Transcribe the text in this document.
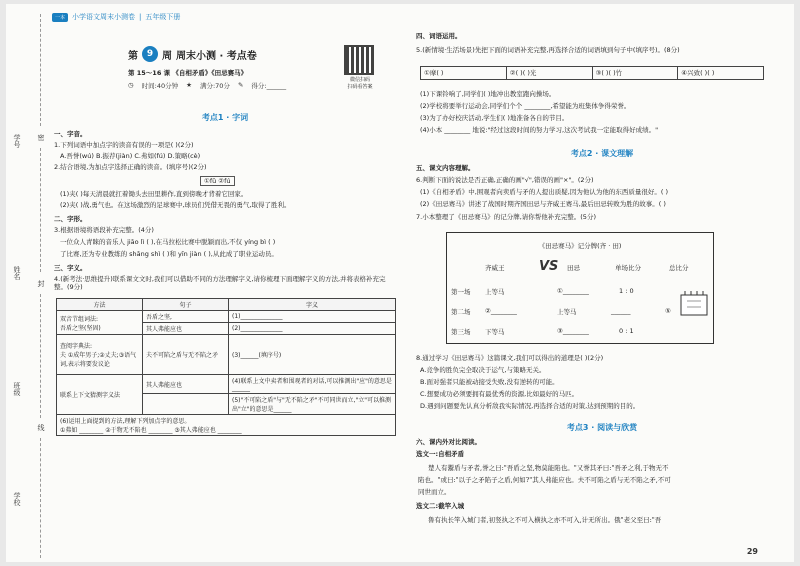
学号
姓名
班级
学校
密
封
线
一本	小学语文周末小测卷 | 五年级下册
第 9 周 周末小测 · 考点卷
第 15～16 课 《自相矛盾》《田忌赛马》
◷ 时间:40分钟 ★ 满分:70分 ✎ 得分:______
微信扫码
扫码看答案
考点1 · 字词
一、字音。
1.下列词语中加点字的读音有误的一项是( )(2分)
A.吾誉(wú) B.振荐(jiàn) C.弗如(fú) D.策略(cè)
2.结合语境,为加点字选择正确的读音。(填序号)(2分)
①fǔ ②fú
(1)夹( )每天清晨就扛着锄头去田里耕作,直到傍晚才背着它回家。
(2)夹( )战,勇气也。在这场激烈的足球赛中,球员们凭借无畏的勇气,取得了胜利。
二、字形。
3.根据语境将语段补充完整。(4分)
一位众人青睐的音乐人 jiāo lì ( ),在马拉松比赛中脱颖而出,不仅 yíng bì ( )
了比赛,还为专业教练的 shāng shì ( )和 yīn jiàn ( ),从此成了职业运动员。
三、字义。
4.(新考法·思维提升)联系课文文时,我们可以借助不同的方法理解字义,请你梳理下面理解字义的方法,并将表格补充完整。(9分)
方法	句子	字义

双音节组词法:
吾盾之坚(坚固)	吾盾之坚,	(1)______________
	其人弗能应也	(2)______________

查阅字典法:
夫 ①成年男子;②丈夫;③语气词,表示将要发议论	夫不可陷之盾与无不陷之矛	(3)______(填序号)
联系上下文猜测字义法	其人弗能应也	(4)联系上文中卖者和围观者的对话,可以推测出"应"的意思是______
		(5)"不可陷之盾"与"无不陷之矛"不可同世而立,"立"可以推测出"立"的意思是______

(6)运用上面提到的方法,理解下列加点字的意思。
①弗如 ________ ②于物无不陷也 ________ ③其人弗能应也 ________		
四、词语运用。
5.(新情境·生活场景)先把下面的词语补充完整,再选择合适的词语填到句子中(填序号)。(8分)
①摩( )	②( )( )光	③( )( )竹	④兴致( )( )
(1)下课铃响了,同学们( )地冲出教室跑向操场。
(2)学校将要举行运动会,同学们个个 ________,希望能为班集体争得荣誉。
(3)为了办好校庆活动,学生们( )地准备各自的节目。
(4)小本 ________ 地说:"经过这段时间的努力学习,这次考试我一定能取得好成绩。"
考点2 · 课文理解
五、课文内容理解。
6.判断下面的说法是否正确,正确的画"√",错误的画"×"。(2分)
(1)《自相矛盾》中,围观者向卖盾与矛的人提出质疑,因为他认为他的东西质量很好。( )
(2)《田忌赛马》讲述了战国时期齐国田忌与齐威王赛马,最后田忌转败为胜的故事。( )
7.小本整理了《田忌赛马》的记分牌,请你帮他补充完整。(5分)
《田忌赛马》记分牌(齐 · 田)
齐威王	VS 田忌	单场比分	总比分
第一场 上等马	①________	1 : 0
第二场 ②________	上等马	______	⑤
第三场 下等马	③________	0 : 1
8.通过学习《田忌赛马》这篇课文,我们可以得出的道理是( )(2分)
A.竞争的胜负完全取决于运气,与策略无关。
B.面对强者只能被动接受失败,没有逆转的可能。
C.想要成功必须要拥有最优秀的资源,比如最好的马匹。
D.遇到问题要先认真分析敌我实际情况,再选择合适的对策,达到预期的目的。
考点3 · 阅读与欣赏
六、课内外对比阅读。
选文一:自相矛盾
楚人有鬻盾与矛者,誉之曰:"吾盾之坚,物莫能陷也。"又誉其矛曰:"吾矛之利,于物无不
陷也。"或曰:"以子之矛陷子之盾,何如?"其人弗能应也。夫不可陷之盾与无不陷之矛,不可
同世而立。
选文二:截竿入城
鲁有执长竿入城门者,初竖执之不可入横执之亦不可入,计无所出。俄"老父至曰:"吾
29
